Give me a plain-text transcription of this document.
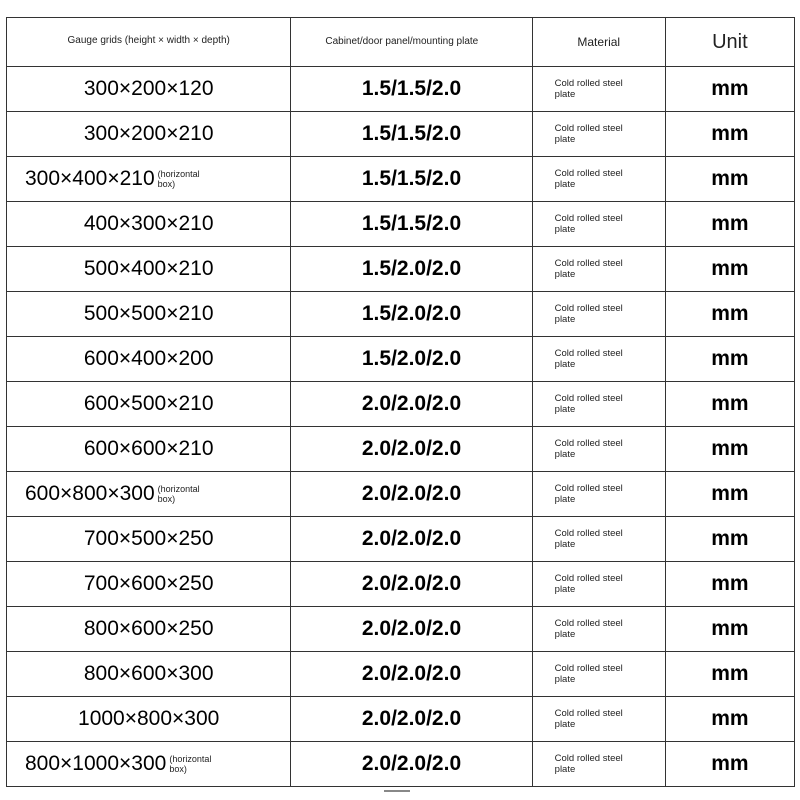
Gauge grids (height × width × depth)	Cabinet/door panel/mounting plate	Material	Unit

300×200×120	1.5/1.5/2.0	Cold rolled steel plate	mm

300×200×210	1.5/1.5/2.0	Cold rolled steel plate	mm

300×400×210 (horizontal box)	1.5/1.5/2.0	Cold rolled steel plate	mm

400×300×210	1.5/1.5/2.0	Cold rolled steel plate	mm

500×400×210	1.5/2.0/2.0	Cold rolled steel plate	mm

500×500×210	1.5/2.0/2.0	Cold rolled steel plate	mm

600×400×200	1.5/2.0/2.0	Cold rolled steel plate	mm

600×500×210	2.0/2.0/2.0	Cold rolled steel plate	mm

600×600×210	2.0/2.0/2.0	Cold rolled steel plate	mm

600×800×300 (horizontal box)	2.0/2.0/2.0	Cold rolled steel plate	mm

700×500×250	2.0/2.0/2.0	Cold rolled steel plate	mm

700×600×250	2.0/2.0/2.0	Cold rolled steel plate	mm

800×600×250	2.0/2.0/2.0	Cold rolled steel plate	mm

800×600×300	2.0/2.0/2.0	Cold rolled steel plate	mm

1000×800×300	2.0/2.0/2.0	Cold rolled steel plate	mm

800×1000×300 (horizontal box)	2.0/2.0/2.0	Cold rolled steel plate	mm
